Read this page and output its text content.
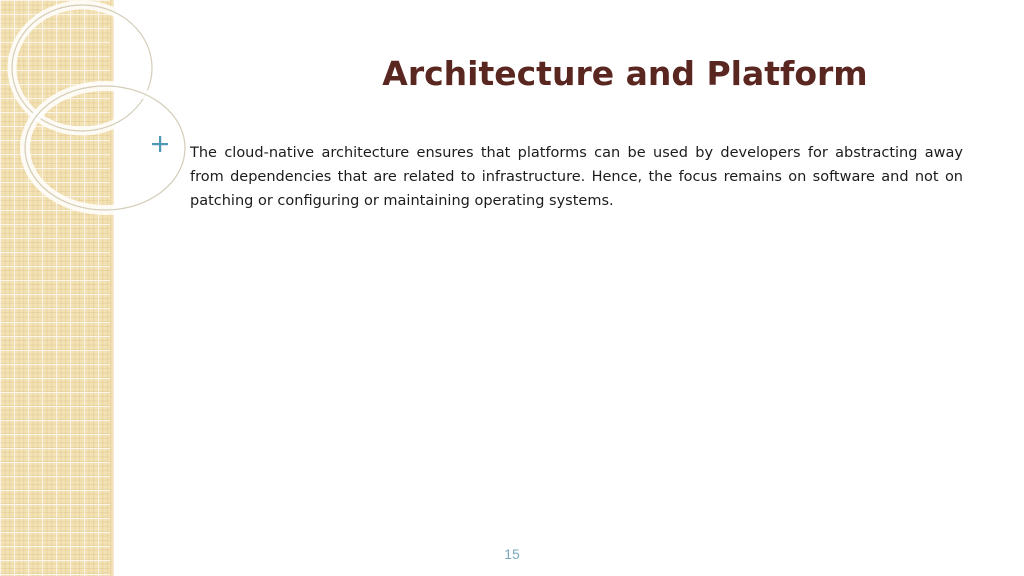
Architecture and Platform

The cloud-native architecture ensures that platforms can be used by developers for abstracting away from dependencies that are related to infrastructure. Hence, the focus remains on software and not on patching or configuring or maintaining operating systems.

15
